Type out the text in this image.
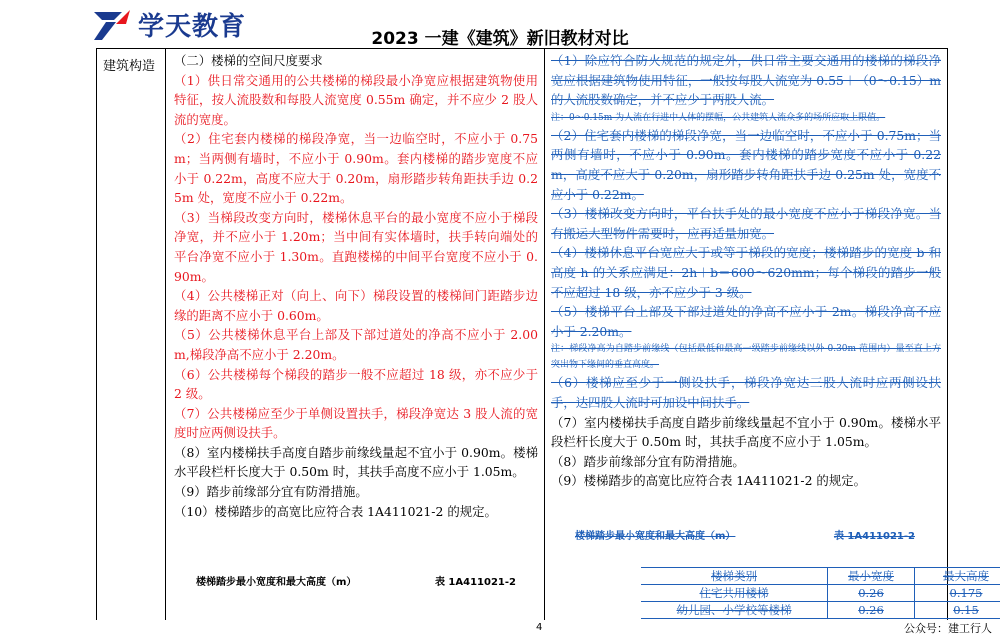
学天教育	2023 一建《建筑》新旧教材对比
建筑构造	（二）楼梯的空间尺度要求

（1）供日常交通用的公共楼梯的梯段最小净宽应根据建筑物使用特征，按人流股数和每股人流宽度 0.55m 确定，并不应少 2 股人流的宽度。

（2）住宅套内楼梯的梯段净宽，当一边临空时，不应小于 0.75m；当两侧有墙时，不应小于 0.90m。套内楼梯的踏步宽度不应小于 0.22m，高度不应大于 0.20m，扇形踏步转角距扶手边 0.25m 处，宽度不应小于 0.22m。

（3）当梯段改变方向时，楼梯休息平台的最小宽度不应小于梯段净宽，并不应小于 1.20m；当中间有实体墙时，扶手转向端处的平台净宽不应小于 1.30m。直跑楼梯的中间平台宽度不应小于 0.90m。

（4）公共楼梯正对（向上、向下）梯段设置的楼梯间门距踏步边缘的距离不应小于 0.60m。

（5）公共楼梯休息平台上部及下部过道处的净高不应小于 2.00m,梯段净高不应小于 2.20m。

（6）公共楼梯每个梯段的踏步一般不应超过 18 级，亦不应少于 2 级。

（7）公共楼梯应至少于单侧设置扶手，梯段净宽达 3 股人流的宽度时应两侧设扶手。

（8）室内楼梯扶手高度自踏步前缘线量起不宜小于 0.90m。楼梯水平段栏杆长度大于 0.50m 时，其扶手高度不应小于 1.05m。

（9）踏步前缘部分宜有防滑措施。

（10）楼梯踏步的高宽比应符合表 1A411021-2 的规定。

楼梯踏步最小宽度和最大高度（m）	表 1A411021-2

（1）除应符合防火规范的规定外，供日常主要交通用的楼梯的梯段净宽应根据建筑物使用特征，一般按每股人流宽为 0.55＋（0～0.15）m 的人流股数确定，并不应少于两股人流。

注：0～0.15m 为人流在行进中人体的摆幅，公共建筑人流众多的场所应取上限值。

（2）住宅套内楼梯的梯段净宽，当一边临空时，不应小于 0.75m；当两侧有墙时，不应小于 0.90m。套内楼梯的踏步宽度不应小于 0.22m，高度不应大于 0.20m，扇形踏步转角距扶手边 0.25m 处，宽度不应小于 0.22m。

（3）楼梯改变方向时，平台扶手处的最小宽度不应小于梯段净宽。当有搬运大型物件需要时，应再适量加宽。

（4）楼梯休息平台宽应大于或等于梯段的宽度；楼梯踏步的宽度 b 和高度 h 的关系应满足：2h＋b＝600～620mm；每个梯段的踏步一般不应超过 18 级，亦不应少于 3 级。

（5）楼梯平台上部及下部过道处的净高不应小于 2m。梯段净高不应小于 2.20m。

注：梯段净高为自踏步前缘线（包括最低和最高一级踏步前缘线以外 0.30m 范围内）量至直上方突出物下缘间的垂直高度。

（6）楼梯应至少于一侧设扶手，梯段净宽达三股人流时应两侧设扶手，达四股人流时可加设中间扶手。

（7）室内楼梯扶手高度自踏步前缘线量起不宜小于 0.90m。楼梯水平段栏杆长度大于 0.50m 时，其扶手高度不应小于 1.05m。

（8）踏步前缘部分宜有防滑措施。

（9）楼梯踏步的高宽比应符合表 1A411021-2 的规定。

楼梯踏步最小宽度和最大高度（m）	表 1A411021-2
楼梯类别	最小宽度	最大高度
住宅共用楼梯	0.26	0.175
幼儿园、小学校等楼梯	0.26	0.15
4	公众号：建工行人
